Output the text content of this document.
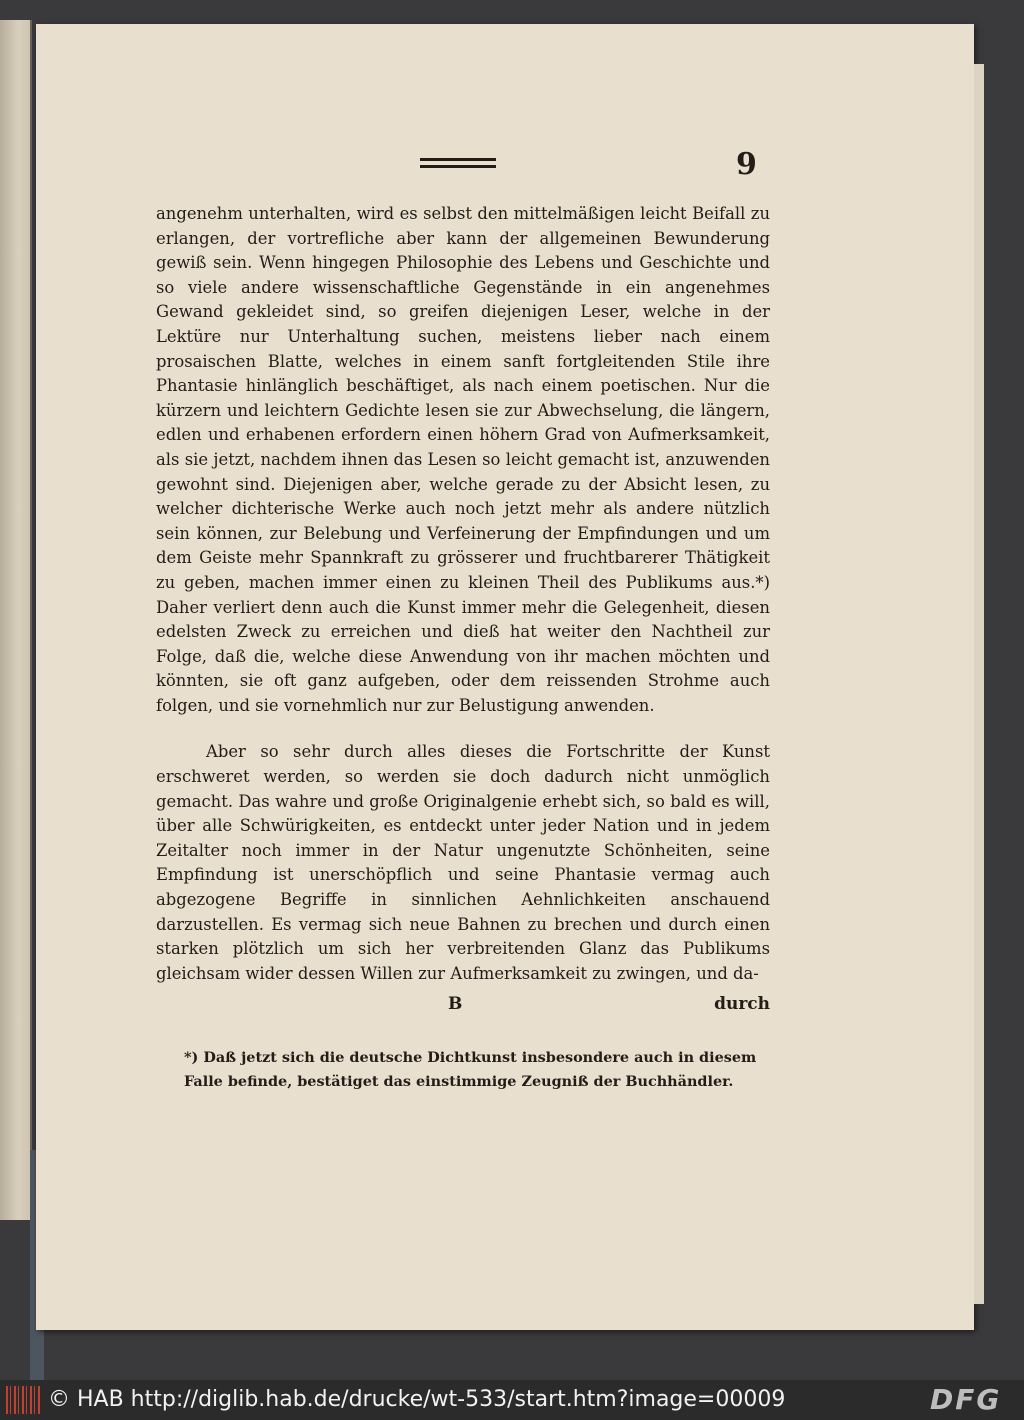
9

angenehm unterhalten, wird es selbst den mittelmäßigen leicht Beifall zu erlangen, der vortrefliche aber kann der allgemeinen Bewunderung gewiß sein. Wenn hingegen Philosophie des Lebens und Geschichte und so viele andere wissenschaftliche Gegenstände in ein angenehmes Gewand gekleidet sind, so greifen diejenigen Leser, welche in der Lektüre nur Unterhaltung suchen, meistens lieber nach einem prosaischen Blatte, welches in einem sanft fortgleitenden Stile ihre Phantasie hinlänglich beschäftiget, als nach einem poetischen. Nur die kürzern und leichtern Gedichte lesen sie zur Abwechselung, die längern, edlen und erhabenen erfordern einen höhern Grad von Aufmerksamkeit, als sie jetzt, nachdem ihnen das Lesen so leicht gemacht ist, anzuwenden gewohnt sind. Diejenigen aber, welche gerade zu der Absicht lesen, zu welcher dichterische Werke auch noch jetzt mehr als andere nützlich sein können, zur Belebung und Verfeinerung der Empfindungen und um dem Geiste mehr Spannkraft zu grösserer und fruchtbarerer Thätigkeit zu geben, machen immer einen zu kleinen Theil des Publikums aus.*) Daher verliert denn auch die Kunst immer mehr die Gelegenheit, diesen edelsten Zweck zu erreichen und dieß hat weiter den Nachtheil zur Folge, daß die, welche diese Anwendung von ihr machen möchten und könnten, sie oft ganz aufgeben, oder dem reissenden Strohme auch folgen, und sie vornehmlich nur zur Belustigung anwenden.

Aber so sehr durch alles dieses die Fortschritte der Kunst erschweret werden, so werden sie doch dadurch nicht unmöglich gemacht. Das wahre und große Originalgenie erhebt sich, so bald es will, über alle Schwürigkeiten, es entdeckt unter jeder Nation und in jedem Zeitalter noch immer in der Natur ungenutzte Schönheiten, seine Empfindung ist unerschöpflich und seine Phantasie vermag auch abgezogene Begriffe in sinnlichen Aehnlichkeiten anschauend darzustellen. Es vermag sich neue Bahnen zu brechen und durch einen starken plötzlich um sich her verbreitenden Glanz das Publikums gleichsam wider dessen Willen zur Aufmerksamkeit zu zwingen, und da-

B	durch
*) Daß jetzt sich die deutsche Dichtkunst insbesondere auch in diesem Falle befinde, bestätiget das einstimmige Zeugniß der Buchhändler.
© HAB http://diglib.hab.de/drucke/wt-533/start.htm?image=00009	DFG
